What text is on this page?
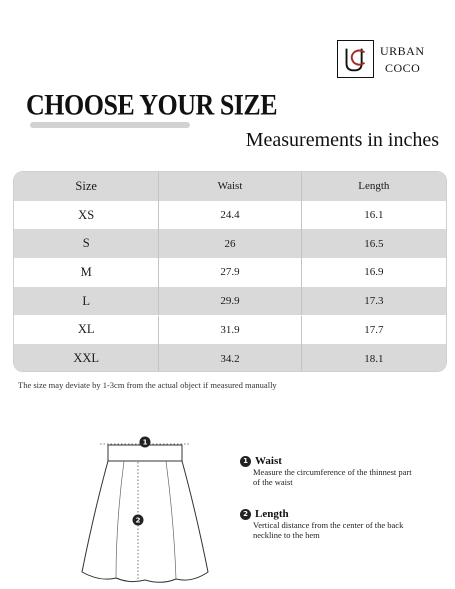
URBAN
COCO
CHOOSE YOUR SIZE
Measurements in inches
Size	Waist	Length
XS	24.4	16.1
S	26	16.5
M	27.9	16.9
L	29.9	17.3
XL	31.9	17.7
XXL	34.2	18.1
The size may deviate by 1-3cm from the actual object if measured manually
1
2
1 Waist
Measure the circumference of the thinnest part of the waist
2 Length
Vertical distance from the center of the back neckline to the hem
